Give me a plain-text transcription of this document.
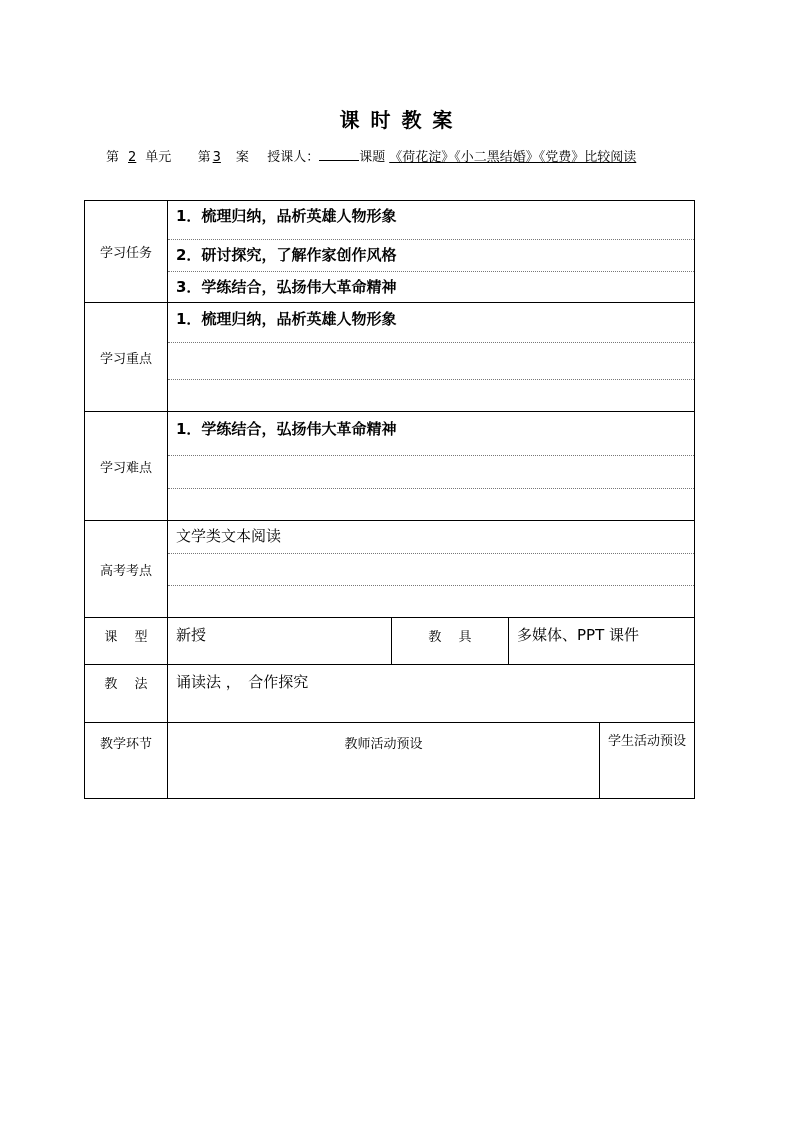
课 时 教 案
第 2 单元 第 3 案 授课人：	课题 《荷花淀》《小二黑结婚》《党费》比较阅读
学习任务	1．梳理归纳，品析英雄人物形象
2．研讨探究，了解作家创作风格
3．学练结合，弘扬伟大革命精神			

学习重点	1．梳理归纳，品析英雄人物形象			

学习难点	1．学练结合，弘扬伟大革命精神			

高考考点	文学类文本阅读			

课　 型	新授	教　 具	多媒体、PPT 课件	
教　 法	诵读法 ，　合作探究			
教学环节	教师活动预设			学生活动预设
